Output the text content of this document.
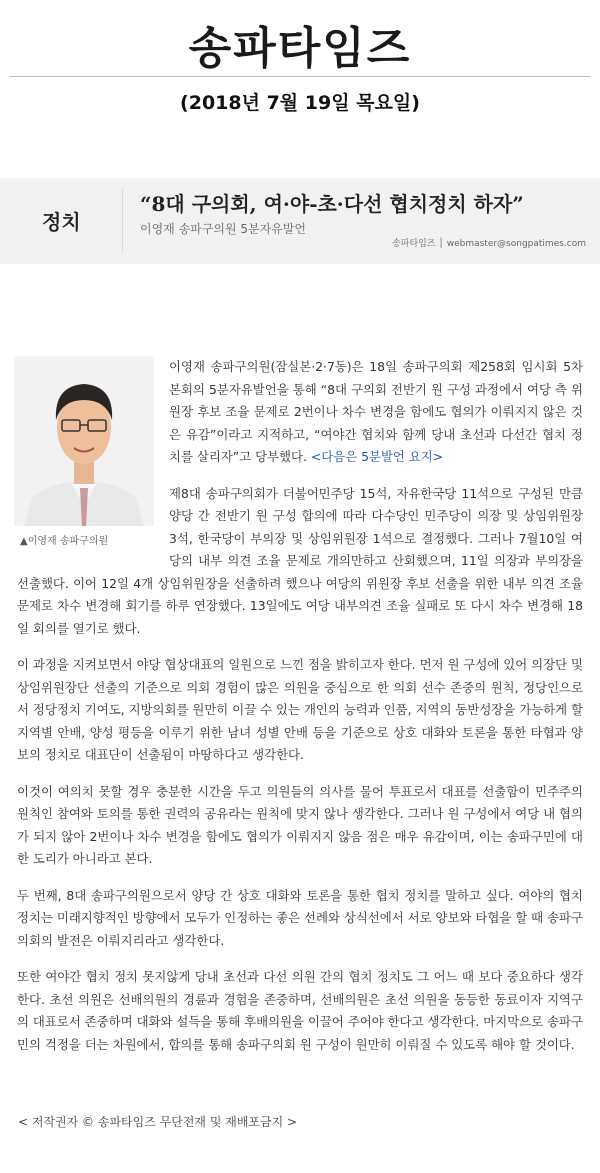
송파타임즈
(2018년 7월 19일 목요일)
정치
“8대 구의회, 여·야-초·다선 협치정치 하자”
이영재 송파구의원 5분자유발언
송파타임즈 │ webmaster@songpatimes.com
▲이영재 송파구의원

이영재 송파구의원(잠실본·2·7동)은 18일 송파구의회 제258회 임시회 5차 본회의 5분자유발언을 통해 “8대 구의회 전반기 원 구성 과정에서 여당 측 위원장 후보 조율 문제로 2번이나 차수 변경을 함에도 협의가 이뤄지지 않은 것은 유감”이라고 지적하고, “여야간 협치와 함께 당내 초선과 다선간 협치 정치를 살리자”고 당부했다. <다음은 5분발언 요지>

제8대 송파구의회가 더불어민주당 15석, 자유한국당 11석으로 구성된 만큼 양당 간 전반기 원 구성 합의에 따라 다수당인 민주당이 의장 및 상임위원장 3석, 한국당이 부의장 및 상임위원장 1석으로 결정했다. 그러나 7월10일 여당의 내부 의견 조율 문제로 개의만하고 산회했으며, 11일 의장과 부의장을 선출했다. 이어 12일 4개 상임위원장을 선출하려 했으나 여당의 위원장 후보 선출을 위한 내부 의견 조율 문제로 차수 변경해 회기를 하루 연장했다. 13일에도 여당 내부의견 조율 실패로 또 다시 차수 변경해 18일 회의를 열기로 했다.

이 과정을 지켜보면서 야당 협상대표의 일원으로 느낀 점을 밝히고자 한다. 먼저 원 구성에 있어 의장단 및 상임위원장단 선출의 기준으로 의회 경험이 많은 의원을 중심으로 한 의회 선수 존중의 원칙, 정당인으로서 정당정치 기여도, 지방의회를 원만히 이끌 수 있는 개인의 능력과 인품, 지역의 동반성장을 가능하게 할 지역별 안배, 양성 평등을 이루기 위한 남녀 성별 안배 등을 기준으로 상호 대화와 토론을 통한 타협과 양보의 정치로 대표단이 선출됨이 마땅하다고 생각한다.

이것이 여의치 못할 경우 충분한 시간을 두고 의원들의 의사를 물어 투표로서 대표를 선출함이 민주주의 원칙인 참여와 토의를 통한 권력의 공유라는 원칙에 맞지 않나 생각한다. 그러나 원 구성에서 여당 내 협의가 되지 않아 2번이나 차수 변경을 함에도 협의가 이뤄지지 않음 점은 매우 유감이며, 이는 송파구민에 대한 도리가 아니라고 본다.

두 번째, 8대 송파구의원으로서 양당 간 상호 대화와 토론을 통한 협치 정치를 말하고 싶다. 여야의 협치 정치는 미래지향적인 방향에서 모두가 인정하는 좋은 선례와 상식선에서 서로 양보와 타협을 할 때 송파구의회의 발전은 이뤄지리라고 생각한다.

또한 여야간 협치 정치 못지않게 당내 초선과 다선 의원 간의 협치 정치도 그 어느 때 보다 중요하다 생각한다. 초선 의원은 선배의원의 경륜과 경험을 존중하며, 선배의원은 초선 의원을 동등한 동료이자 지역구의 대표로서 존중하며 대화와 설득을 통해 후배의원을 이끌어 주어야 한다고 생각한다. 마지막으로 송파구민의 걱정을 더는 차원에서, 합의를 통해 송파구의회 원 구성이 원만히 이뤄질 수 있도록 해야 할 것이다.

< 저작권자 © 송파타임즈 무단전재 및 재배포금지 >
